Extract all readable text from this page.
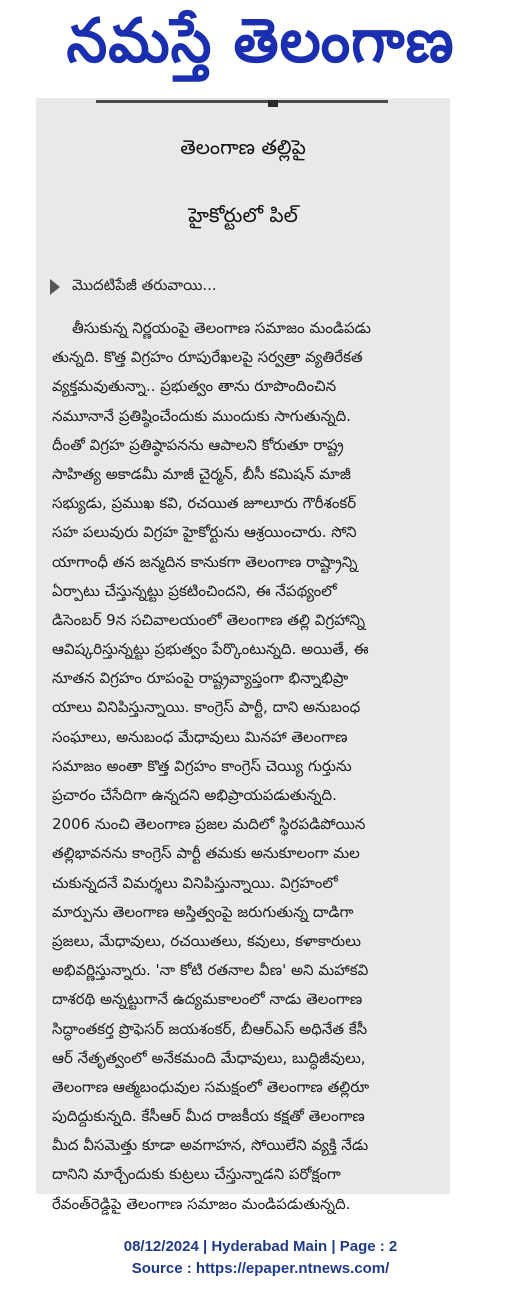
నమస్తే తెలంగాణ
తెలంగాణ తల్లిపై
హైకోర్టులో పిల్
మొదటిపేజీ తరువాయి...
తీసుకున్న నిర్ణయంపై తెలంగాణ సమాజం మండిపడు
తున్నది. కొత్త విగ్రహం రూపురేఖలపై సర్వత్రా వ్యతిరేకత
వ్యక్తమవుతున్నా.. ప్రభుత్వం తాను రూపొందించిన
నమూనానే ప్రతిష్ఠించేందుకు ముందుకు సాగుతున్నది.
దీంతో విగ్రహ ప్రతిష్ఠాపనను ఆపాలని కోరుతూ రాష్ట్ర
సాహిత్య అకాడమీ మాజీ చైర్మన్, బీసీ కమిషన్ మాజీ
సభ్యుడు, ప్రముఖ కవి, రచయిత జూలూరు గౌరీశంకర్
సహ పలువురు విగ్రహ హైకోర్టును ఆశ్రయించారు. సోని
యాగాంధీ తన జన్మదిన కానుకగా తెలంగాణ రాష్ట్రాన్ని
ఏర్పాటు చేస్తున్నట్టు ప్రకటించిందని, ఈ నేపథ్యంలో
డిసెంబర్ 9న సచివాలయంలో తెలంగాణ తల్లి విగ్రహాన్ని
ఆవిష్కరిస్తున్నట్టు ప్రభుత్వం పేర్కొంటున్నది. అయితే, ఈ
నూతన విగ్రహం రూపంపై రాష్ట్రవ్యాప్తంగా భిన్నాభిప్రా
యాలు వినిపిస్తున్నాయి. కాంగ్రెస్ పార్టీ, దాని అనుబంధ
సంఘాలు, అనుబంధ మేధావులు మినహా తెలంగాణ
సమాజం అంతా కొత్త విగ్రహం కాంగ్రెస్ చెయ్యి గుర్తును
ప్రచారం చేసేదిగా ఉన్నదని అభిప్రాయపడుతున్నది.
2006 నుంచి తెలంగాణ ప్రజల మదిలో స్థిరపడిపోయిన
తల్లిభావనను కాంగ్రెస్ పార్టీ తమకు అనుకూలంగా మల
చుకున్నదనే విమర్శలు వినిపిస్తున్నాయి. విగ్రహంలో
మార్పును తెలంగాణ అస్తిత్వంపై జరుగుతున్న దాడిగా
ప్రజలు, మేధావులు, రచయితలు, కవులు, కళాకారులు
అభివర్ణిస్తున్నారు. 'నా కోటి రతనాల వీణ' అని మహాకవి
దాశరథి అన్నట్టుగానే ఉద్యమకాలంలో నాడు తెలంగాణ
సిద్ధాంతకర్త ప్రొఫెసర్ జయశంకర్, బీఆర్ఎస్ అధినేత కేసీ
ఆర్ నేతృత్వంలో అనేకమంది మేధావులు, బుద్ధిజీవులు,
తెలంగాణ ఆత్మబంధువుల సమక్షంలో తెలంగాణ తల్లిరూ
పుదిద్దుకున్నది. కేసీఆర్ మీద రాజకీయ కక్షతో తెలంగాణ
మీద వీసమెత్తు కూడా అవగాహన, సోయిలేని వ్యక్తి నేడు
దానిని మార్చేందుకు కుట్రలు చేస్తున్నాడని పరోక్షంగా
రేవంత్‌రెడ్డిపై తెలంగాణ సమాజం మండిపడుతున్నది.
08/12/2024 | Hyderabad Main | Page : 2
Source : https://epaper.ntnews.com/
